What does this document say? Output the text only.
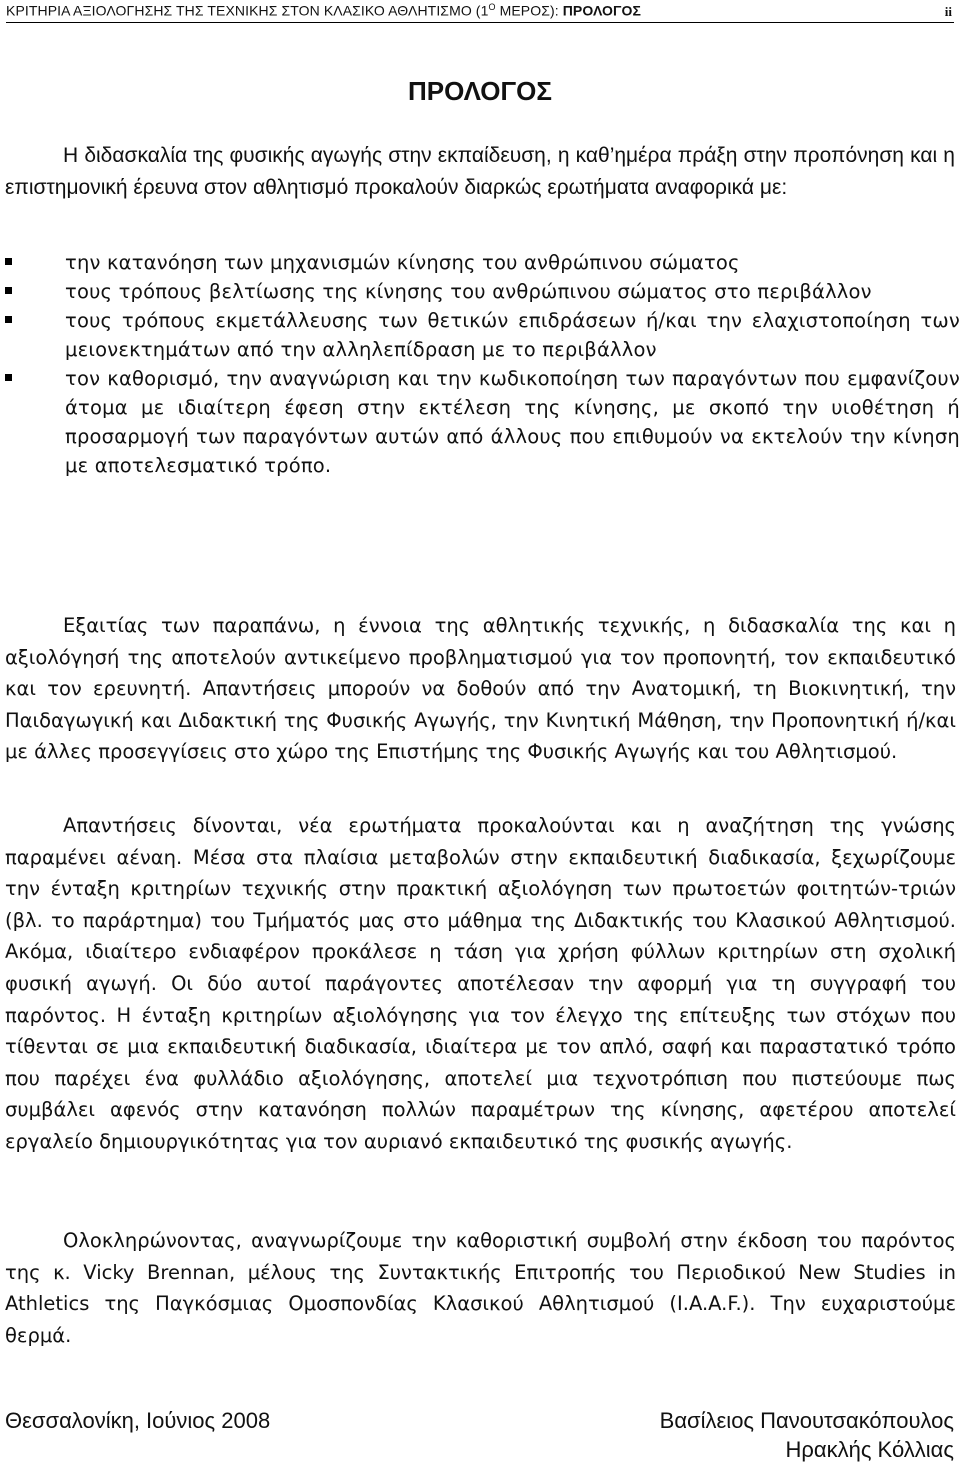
ΚΡΙΤΗΡΙΑ ΑΞΙΟΛΟΓΗΣΗΣ ΤΗΣ ΤΕΧΝΙΚΗΣ ΣΤΟΝ ΚΛΑΣΙΚΟ ΑΘΛΗΤΙΣΜΟ ($1^O$ ΜΕΡΟΣ): ΠΡΟΛΟΓΟΣ	ii
ΠΡΟΛΟΓΟΣ

Η διδασκαλία της φυσικής αγωγής στην εκπαίδευση, η καθ’ημέρα πράξη στην προπόνηση και η επιστημονική έρευνα στον αθλητισμό προκαλούν διαρκώς ερωτήματα αναφορικά με:

την κατανόηση των μηχανισμών κίνησης του ανθρώπινου σώματος
τους τρόπους βελτίωσης της κίνησης του ανθρώπινου σώματος στο περιβάλλον
τους τρόπους εκμετάλλευσης των θετικών επιδράσεων ή/και την ελαχιστοποίηση των μειονεκτημάτων από την αλληλεπίδραση με το περιβάλλον
τον καθορισμό, την αναγνώριση και την κωδικοποίηση των παραγόντων που εμφανίζουν άτομα με ιδιαίτερη έφεση στην εκτέλεση της κίνησης, με σκοπό την υιοθέτηση ή προσαρμογή των παραγόντων αυτών από άλλους που επιθυμούν να εκτελούν την κίνηση με αποτελεσματικό τρόπο.

Εξαιτίας των παραπάνω, η έννοια της αθλητικής τεχνικής, η διδασκαλία της και η αξιολόγησή της αποτελούν αντικείμενο προβληματισμού για τον προπονητή, τον εκπαιδευτικό και τον ερευνητή. Απαντήσεις μπορούν να δοθούν από την Ανατομική, τη Βιοκινητική, την Παιδαγωγική και Διδακτική της Φυσικής Αγωγής, την Κινητική Μάθηση, την Προπονητική ή/και με άλλες προσεγγίσεις στο χώρο της Επιστήμης της Φυσικής Αγωγής και του Αθλητισμού.

Απαντήσεις δίνονται, νέα ερωτήματα προκαλούνται και η αναζήτηση της γνώσης παραμένει αέναη. Μέσα στα πλαίσια μεταβολών στην εκπαιδευτική διαδικασία, ξεχωρίζουμε την ένταξη κριτηρίων τεχνικής στην πρακτική αξιολόγηση των πρωτοετών φοιτητών-τριών (βλ. το παράρτημα) του Τμήματός μας στο μάθημα της Διδακτικής του Κλασικού Αθλητισμού. Ακόμα, ιδιαίτερο ενδιαφέρον προκάλεσε η τάση για χρήση φύλλων κριτηρίων στη σχολική φυσική αγωγή. Οι δύο αυτοί παράγοντες αποτέλεσαν την αφορμή για τη συγγραφή του παρόντος. Η ένταξη κριτηρίων αξιολόγησης για τον έλεγχο της επίτευξης των στόχων που τίθενται σε μια εκπαιδευτική διαδικασία, ιδιαίτερα με τον απλό, σαφή και παραστατικό τρόπο που παρέχει ένα φυλλάδιο αξιολόγησης, αποτελεί μια τεχνοτρόπιση που πιστεύουμε πως συμβάλει αφενός στην κατανόηση πολλών παραμέτρων της κίνησης, αφετέρου αποτελεί εργαλείο δημιουργικότητας για τον αυριανό εκπαιδευτικό της φυσικής αγωγής.

Ολοκληρώνοντας, αναγνωρίζουμε την καθοριστική συμβολή στην έκδοση του παρόντος της κ. Vicky Brennan, μέλους της Συντακτικής Επιτροπής του Περιοδικού New Studies in Athletics της Παγκόσμιας Ομοσπονδίας Κλασικού Αθλητισμού (I.A.A.F.). Την ευχαριστούμε θερμά.

Θεσσαλονίκη, Ιούνιος 2008	Βασίλειος Πανουτσακόπουλος
Ηρακλής Κόλλιας
